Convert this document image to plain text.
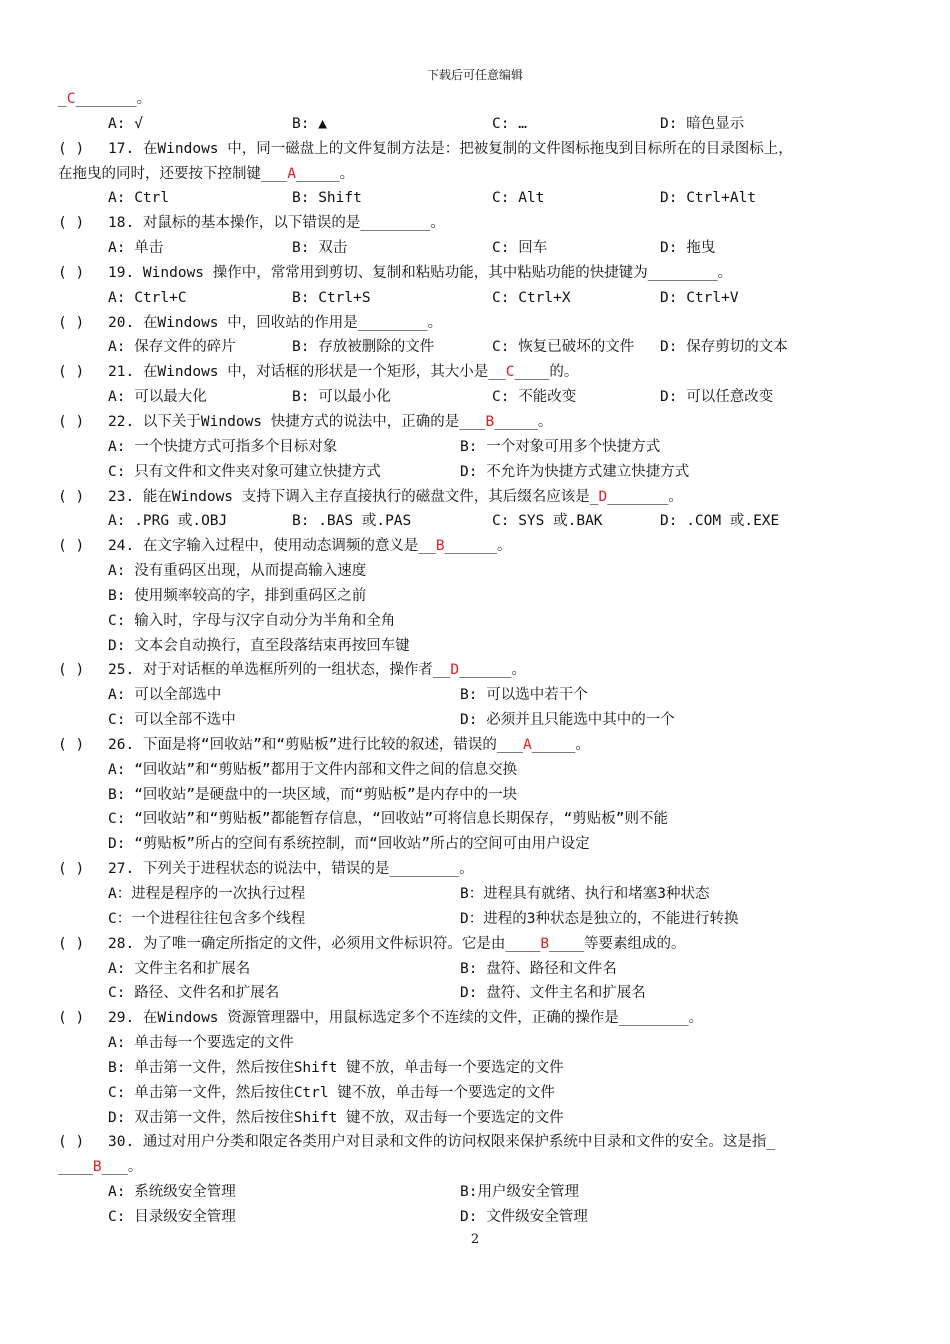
下载后可任意编辑
_C_______。
A: √	B: ▲	C: …	D: 暗色显示
( ) 17. 在Windows 中，同一磁盘上的文件复制方法是：把被复制的文件图标拖曳到目标所在的目录图标上，
在拖曳的同时，还要按下控制键___A_____。
A: Ctrl	B: Shift	C: Alt	D: Ctrl+Alt
( ) 18. 对鼠标的基本操作，以下错误的是________。
A: 单击	B: 双击	C: 回车	D: 拖曳
( ) 19. Windows 操作中，常常用到剪切、复制和粘贴功能，其中粘贴功能的快捷键为________。
A: Ctrl+C	B: Ctrl+S	C: Ctrl+X	D: Ctrl+V
( ) 20. 在Windows 中，回收站的作用是________。
A: 保存文件的碎片	B: 存放被删除的文件	C: 恢复已破坏的文件 D: 保存剪切的文本
( ) 21. 在Windows 中，对话框的形状是一个矩形，其大小是__C____的。
A: 可以最大化	B: 可以最小化	C: 不能改变	D: 可以任意改变
( ) 22. 以下关于Windows 快捷方式的说法中，正确的是___B_____。
A: 一个快捷方式可指多个目标对象	B: 一个对象可用多个快捷方式
C: 只有文件和文件夹对象可建立快捷方式	D: 不允许为快捷方式建立快捷方式
( ) 23. 能在Windows 支持下调入主存直接执行的磁盘文件，其后缀名应该是_D_______。
A: .PRG 或.OBJ	B: .BAS 或.PAS	C: SYS 或.BAK	D: .COM 或.EXE
( ) 24. 在文字输入过程中，使用动态调频的意义是__B______。
A: 没有重码区出现，从而提高输入速度
B: 使用频率较高的字，排到重码区之前
C: 输入时，字母与汉字自动分为半角和全角
D: 文本会自动换行，直至段落结束再按回车键
( ) 25. 对于对话框的单选框所列的一组状态，操作者__D______。
A: 可以全部选中	B: 可以选中若干个
C: 可以全部不选中	D: 必须并且只能选中其中的一个
( ) 26. 下面是将“回收站”和“剪贴板”进行比较的叙述，错误的___A_____。
A: “回收站”和“剪贴板”都用于文件内部和文件之间的信息交换
B: “回收站”是硬盘中的一块区域，而“剪贴板”是内存中的一块
C: “回收站”和“剪贴板”都能暂存信息，“回收站”可将信息长期保存，“剪贴板”则不能
D: “剪贴板”所占的空间有系统控制，而“回收站”所占的空间可由用户设定
( ) 27. 下列关于进程状态的说法中，错误的是________。
A：进程是程序的一次执行过程	B：进程具有就绪、执行和堵塞3种状态
C：一个进程往往包含多个线程	D：进程的3种状态是独立的，不能进行转换
( ) 28. 为了唯一确定所指定的文件，必须用文件标识符。它是由____B____等要素组成的。
A: 文件主名和扩展名	B: 盘符、路径和文件名
C: 路径、文件名和扩展名	D: 盘符、文件主名和扩展名
( ) 29. 在Windows 资源管理器中，用鼠标选定多个不连续的文件，正确的操作是________。
A: 单击每一个要选定的文件
B: 单击第一文件，然后按住Shift 键不放，单击每一个要选定的文件
C: 单击第一文件，然后按住Ctrl 键不放，单击每一个要选定的文件
D: 双击第一文件，然后按住Shift 键不放，双击每一个要选定的文件
( ) 30. 通过对用户分类和限定各类用户对目录和文件的访问权限来保护系统中目录和文件的安全。这是指_
____B___。
A: 系统级安全管理	B:用户级安全管理
C: 目录级安全管理	D: 文件级安全管理
2
